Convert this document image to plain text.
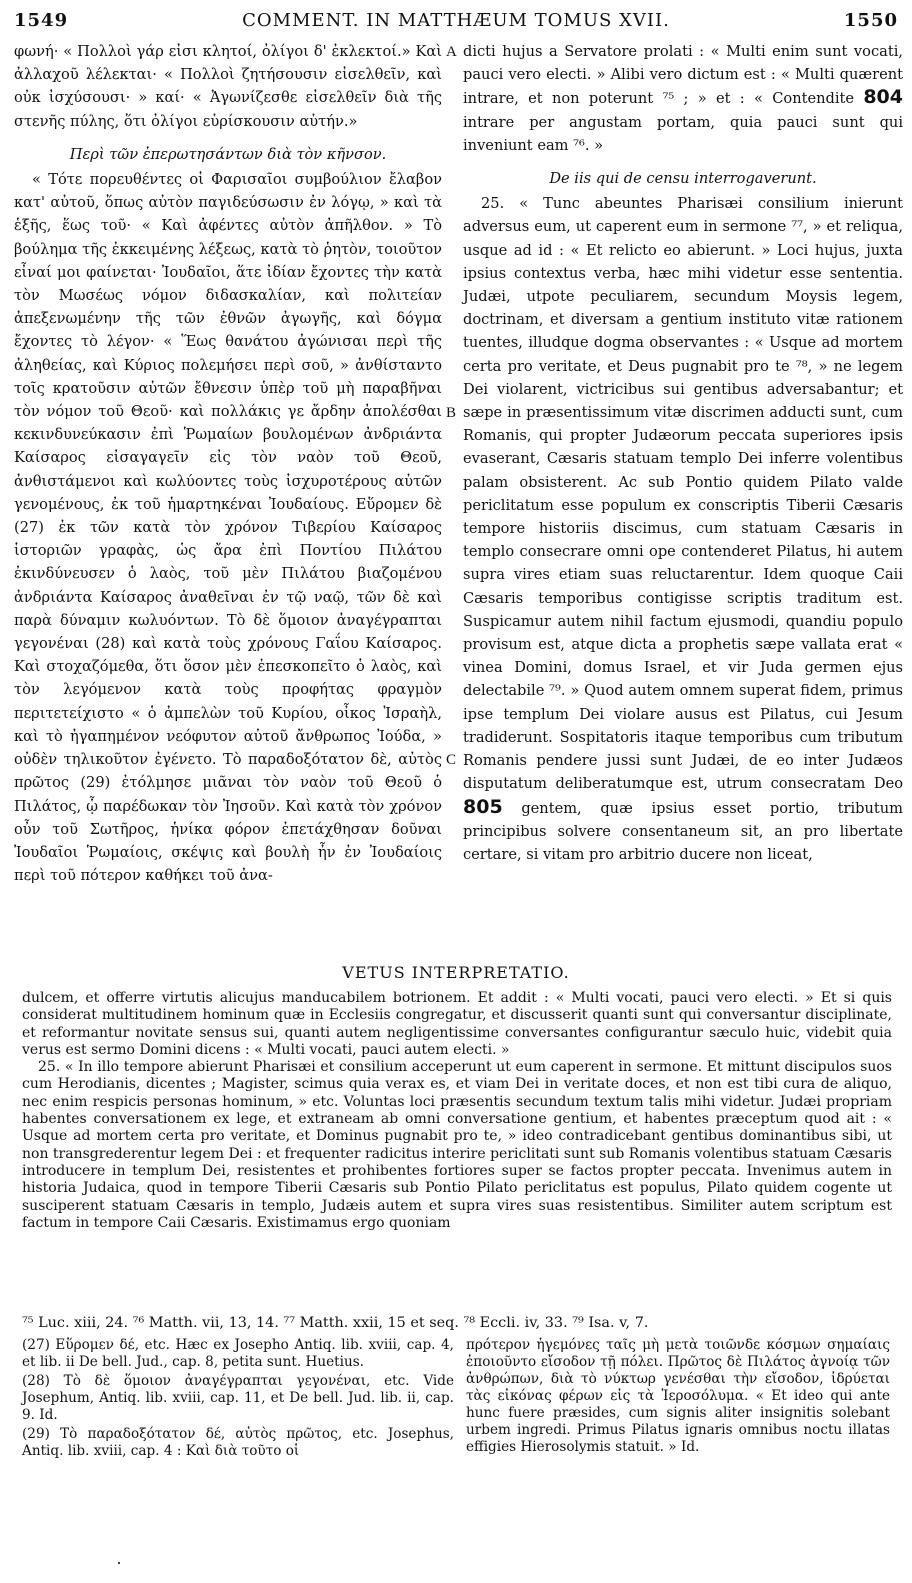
1549	COMMENT. IN MATTHÆUM TOMUS XVII.	1550

φωνή· « Πολλοὶ γάρ εἰσι κλητοί, ὀλίγοι δ' ἐκλεκτοί.» Καὶ ἀλλαχοῦ λέλεκται· « Πολλοὶ ζητήσουσιν εἰσελθεῖν, καὶ οὐκ ἰσχύσουσι· » καί· « Ἀγωνίζεσθε εἰσελθεῖν διὰ τῆς στενῆς πύλης, ὅτι ὀλίγοι εὑρίσκουσιν αὐτήν.»

Περὶ τῶν ἐπερωτησάντων διὰ τὸν κῆνσον.

« Τότε πορευθέντες οἱ Φαρισαῖοι συμβούλιον ἔλαβον κατ' αὐτοῦ, ὅπως αὐτὸν παγιδεύσωσιν ἐν λόγῳ, » καὶ τὰ ἑξῆς, ἕως τοῦ· « Καὶ ἀφέντες αὐτὸν ἀπῆλθον. » Τὸ βούλημα τῆς ἐκκειμένης λέξεως, κατὰ τὸ ῥητὸν, τοιοῦτον εἶναί μοι φαίνεται· Ἰουδαῖοι, ἅτε ἰδίαν ἔχοντες τὴν κατὰ τὸν Μωσέως νόμον διδασκαλίαν, καὶ πολιτείαν ἀπεξενωμένην τῆς τῶν ἐθνῶν ἀγωγῆς, καὶ δόγμα ἔχοντες τὸ λέγον· « Ἕως θανάτου ἀγώνισαι περὶ τῆς ἀληθείας, καὶ Κύριος πολεμήσει περὶ σοῦ, » ἀνθίσταντο τοῖς κρατοῦσιν αὐτῶν ἔθνεσιν ὑπὲρ τοῦ μὴ παραβῆναι τὸν νόμον τοῦ Θεοῦ· καὶ πολλάκις γε ἄρδην ἀπολέσθαι κεκινδυνεύκασιν ἐπὶ Ῥωμαίων βουλομένων ἀνδριάντα Καίσαρος εἰσαγαγεῖν εἰς τὸν ναὸν τοῦ Θεοῦ, ἀνθιστάμενοι καὶ κωλύοντες τοὺς ἰσχυροτέρους αὐτῶν γενομένους, ἐκ τοῦ ἡμαρτηκέναι Ἰουδαίους. Εὕρομεν δὲ (27) ἐκ τῶν κατὰ τὸν χρόνον Τιβερίου Καίσαρος ἱστοριῶν γραφὰς, ὡς ἄρα ἐπὶ Ποντίου Πιλάτου ἐκινδύνευσεν ὁ λαὸς, τοῦ μὲν Πιλάτου βιαζομένου ἀνδριάντα Καίσαρος ἀναθεῖναι ἐν τῷ ναῷ, τῶν δὲ καὶ παρὰ δύναμιν κωλυόντων. Τὸ δὲ ὅμοιον ἀναγέγραπται γεγονέναι (28) καὶ κατὰ τοὺς χρόνους Γαΐου Καίσαρος. Καὶ στοχαζόμεθα, ὅτι ὅσον μὲν ἐπεσκοπεῖτο ὁ λαὸς, καὶ τὸν λεγόμενον κατὰ τοὺς προφήτας φραγμὸν περιτετείχιστο « ὁ ἀμπελὼν τοῦ Κυρίου, οἶκος Ἰσραὴλ, καὶ τὸ ἠγαπημένον νεόφυτον αὐτοῦ ἄνθρωπος Ἰούδα, » οὐδὲν τηλικοῦτον ἐγένετο. Τὸ παραδοξότατον δὲ, αὐτὸς πρῶτος (29) ἐτόλμησε μιᾶναι τὸν ναὸν τοῦ Θεοῦ ὁ Πιλάτος, ᾧ παρέδωκαν τὸν Ἰησοῦν. Καὶ κατὰ τὸν χρόνον οὖν τοῦ Σωτῆρος, ἡνίκα φόρον ἐπετάχθησαν δοῦναι Ἰουδαῖοι Ῥωμαίοις, σκέψις καὶ βουλὴ ἦν ἐν Ἰουδαίοις περὶ τοῦ πότερον καθήκει τοῦ ἀνα-

A
B
C

dicti hujus a Servatore prolati : « Multi enim sunt vocati, pauci vero electi. » Alibi vero dictum est : « Multi quærent intrare, et non poterunt ⁷⁵ ; » et : « Contendite 804 intrare per angustam portam, quia pauci sunt qui inveniunt eam ⁷⁶. »

De iis qui de censu interrogaverunt.

25. « Tunc abeuntes Pharisæi consilium inierunt adversus eum, ut caperent eum in sermone ⁷⁷, » et reliqua, usque ad id : « Et relicto eo abierunt. » Loci hujus, juxta ipsius contextus verba, hæc mihi videtur esse sententia. Judæi, utpote peculiarem, secundum Moysis legem, doctrinam, et diversam a gentium instituto vitæ rationem tuentes, illudque dogma observantes : « Usque ad mortem certa pro veritate, et Deus pugnabit pro te ⁷⁸, » ne legem Dei violarent, victricibus sui gentibus adversabantur; et sæpe in præsentissimum vitæ discrimen adducti sunt, cum Romanis, qui propter Judæorum peccata superiores ipsis evaserant, Cæsaris statuam templo Dei inferre volentibus palam obsisterent. Ac sub Pontio quidem Pilato valde periclitatum esse populum ex conscriptis Tiberii Cæsaris tempore historiis discimus, cum statuam Cæsaris in templo consecrare omni ope contenderet Pilatus, hi autem supra vires etiam suas reluctarentur. Idem quoque Caii Cæsaris temporibus contigisse scriptis traditum est. Suspicamur autem nihil factum ejusmodi, quandiu populo provisum est, atque dicta a prophetis sæpe vallata erat « vinea Domini, domus Israel, et vir Juda germen ejus delectabile ⁷⁹. » Quod autem omnem superat fidem, primus ipse templum Dei violare ausus est Pilatus, cui Jesum tradiderunt. Sospitatoris itaque temporibus cum tributum Romanis pendere jussi sunt Judæi, de eo inter Judæos disputatum deliberatumque est, utrum consecratam Deo 805 gentem, quæ ipsius esset portio, tributum principibus solvere consentaneum sit, an pro libertate certare, si vitam pro arbitrio ducere non liceat,

VETUS INTERPRETATIO.

dulcem, et offerre virtutis alicujus manducabilem botrionem. Et addit : « Multi vocati, pauci vero electi. » Et si quis considerat multitudinem hominum quæ in Ecclesiis congregatur, et discusserit quanti sunt qui conversantur disciplinate, et reformantur novitate sensus sui, quanti autem negligentissime conversantes configurantur sæculo huic, videbit quia verus est sermo Domini dicens : « Multi vocati, pauci autem electi. »

25. « In illo tempore abierunt Pharisæi et consilium acceperunt ut eum caperent in sermone. Et mittunt discipulos suos cum Herodianis, dicentes ; Magister, scimus quia verax es, et viam Dei in veritate doces, et non est tibi cura de aliquo, nec enim respicis personas hominum, » etc. Voluntas loci præsentis secundum textum talis mihi videtur. Judæi propriam habentes conversationem ex lege, et extraneam ab omni conversatione gentium, et habentes præceptum quod ait : « Usque ad mortem certa pro veritate, et Dominus pugnabit pro te, » ideo contradicebant gentibus dominantibus sibi, ut non transgrederentur legem Dei : et frequenter radicitus interire periclitati sunt sub Romanis volentibus statuam Cæsaris introducere in templum Dei, resistentes et prohibentes fortiores super se factos propter peccata. Invenimus autem in historia Judaica, quod in tempore Tiberii Cæsaris sub Pontio Pilato periclitatus est populus, Pilato quidem cogente ut susciperent statuam Cæsaris in templo, Judæis autem et supra vires suas resistentibus. Similiter autem scriptum est factum in tempore Caii Cæsaris. Existimamus ergo quoniam

⁷⁵ Luc. xiii, 24. ⁷⁶ Matth. vii, 13, 14. ⁷⁷ Matth. xxii, 15 et seq. ⁷⁸ Eccli. iv, 33. ⁷⁹ Isa. v, 7.

(27) Εὕρομεν δέ, etc. Hæc ex Josepho Antiq. lib. xviii, cap. 4, et lib. ii De bell. Jud., cap. 8, petita sunt. Huetius.

(28) Τὸ δὲ ὅμοιον ἀναγέγραπται γεγονέναι, etc. Vide Josephum, Antiq. lib. xviii, cap. 11, et De bell. Jud. lib. ii, cap. 9. Id.

(29) Τὸ παραδοξότατον δέ, αὐτὸς πρῶτος, etc. Josephus, Antiq. lib. xviii, cap. 4 : Καὶ διὰ τοῦτο οἱ

πρότερον ἡγεμόνες ταῖς μὴ μετὰ τοιῶνδε κόσμων σημαίαις ἐποιοῦντο εἴσοδον τῇ πόλει. Πρῶτος δὲ Πιλάτος ἀγνοίᾳ τῶν ἀνθρώπων, διὰ τὸ νύκτωρ γενέσθαι τὴν εἴσοδον, ἱδρύεται τὰς εἰκόνας φέρων εἰς τὰ Ἱεροσόλυμα. « Et ideo qui ante hunc fuere præsides, cum signis aliter insignitis solebant urbem ingredi. Primus Pilatus ignaris omnibus noctu illatas effigies Hierosolymis statuit. » Id.
